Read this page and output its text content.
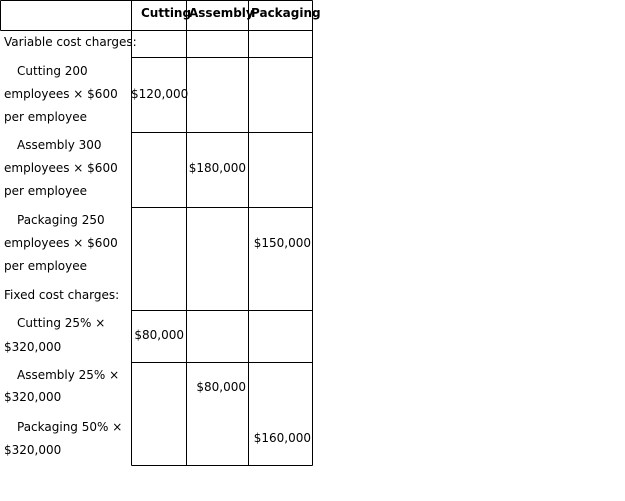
Cutting
Assembly
Packaging
Variable cost charges:
Cutting 200
employees × $600
per employee
$120,000
Assembly 300
employees × $600
per employee
$180,000
Packaging 250
employees × $600
per employee
$150,000
Fixed cost charges:
Cutting 25% ×
$320,000
$80,000
Assembly 25% ×
$320,000
$80,000
Packaging 50% ×
$320,000
$160,000
